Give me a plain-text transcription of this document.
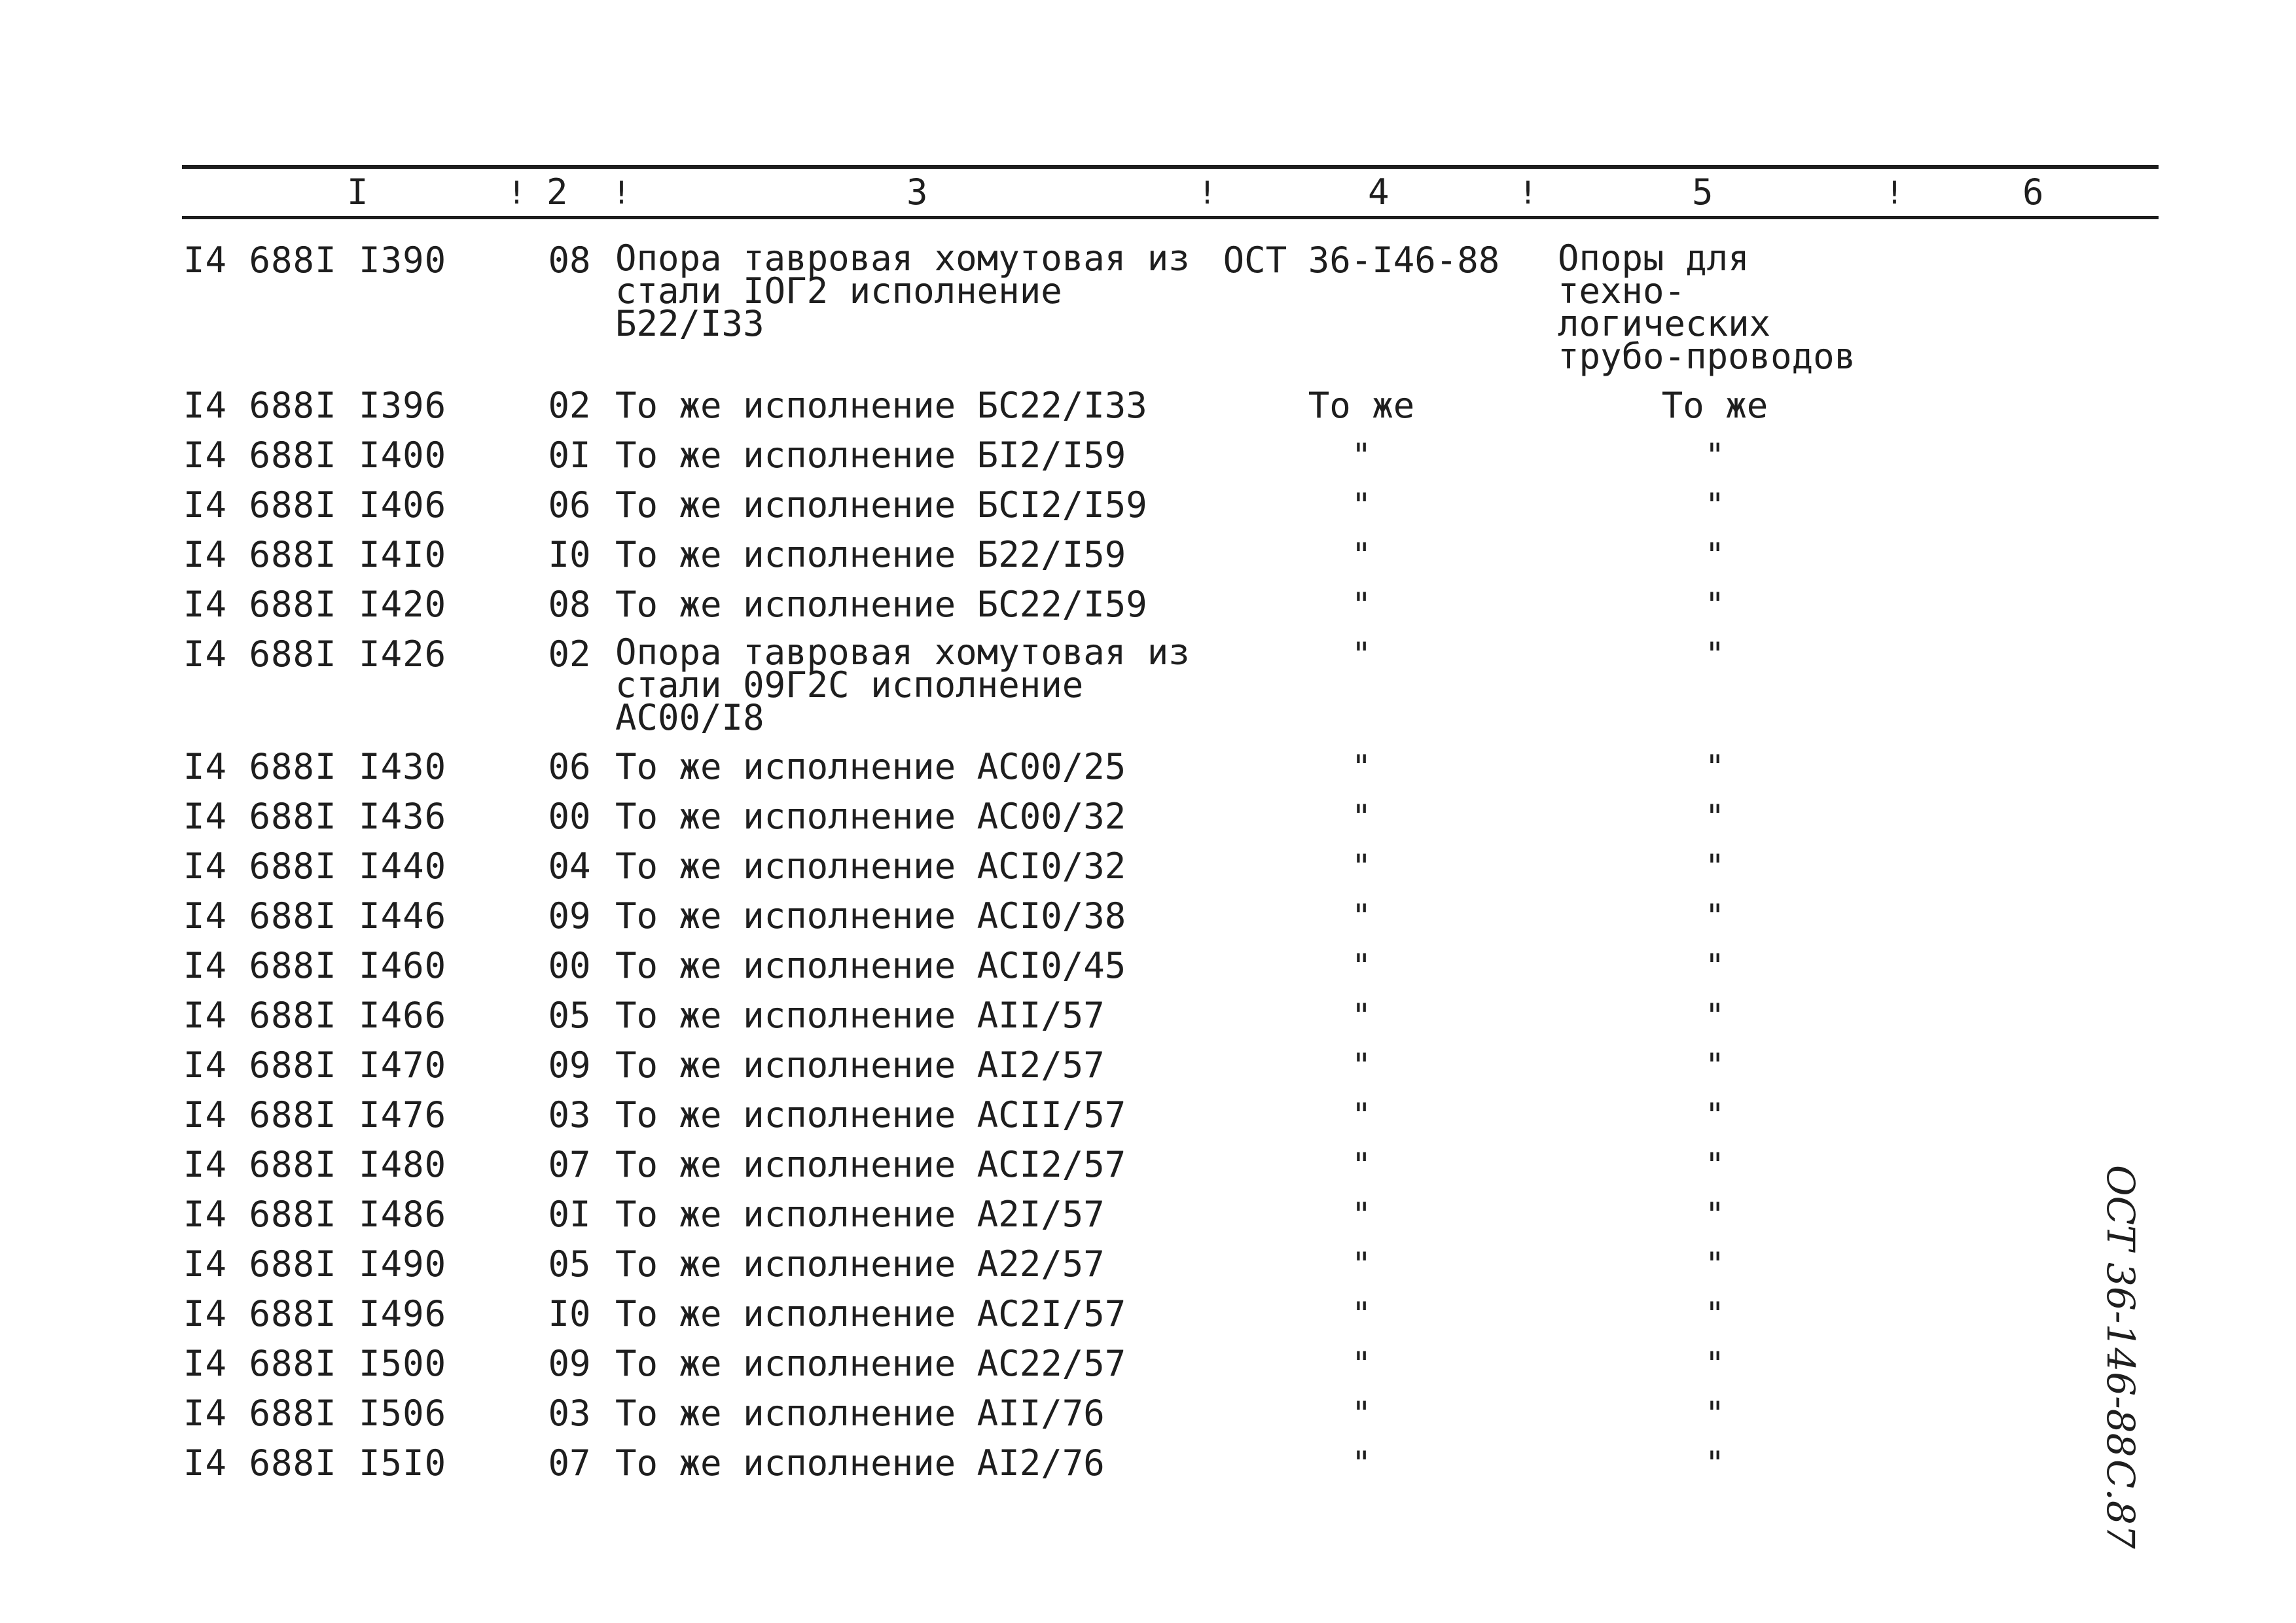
I	! 2 !	3	!	4	!	5	!	6
I4 688I I390	08	Опора тавровая хомутовая из стали IОГ2 исполнение Б22/I33	ОСТ 36-I46-88	Опоры для техно-логических трубо-проводов	

I4 688I I396	02	То же исполнение БС22/I33	То же	То же	
I4 688I I400	0I	То же исполнение БI2/I59	"	"	
I4 688I I406	06	То же исполнение БСI2/I59	"	"	
I4 688I I4I0	I0	То же исполнение Б22/I59	"	"	
I4 688I I420	08	То же исполнение БС22/I59	"	"	
I4 688I I426	02	Опора тавровая хомутовая из стали 09Г2С исполнение АС00/I8	"	"	
I4 688I I430	06	То же исполнение АС00/25	"	"	
I4 688I I436	00	То же исполнение АС00/32	"	"	
I4 688I I440	04	То же исполнение АСI0/32	"	"	
I4 688I I446	09	То же исполнение АСI0/38	"	"	
I4 688I I460	00	То же исполнение АСI0/45	"	"	
I4 688I I466	05	То же исполнение АII/57	"	"	
I4 688I I470	09	То же исполнение АI2/57	"	"	
I4 688I I476	03	То же исполнение АСII/57	"	"	
I4 688I I480	07	То же исполнение АСI2/57	"	"	
I4 688I I486	0I	То же исполнение А2I/57	"	"	
I4 688I I490	05	То же исполнение А22/57	"	"	
I4 688I I496	I0	То же исполнение АС2I/57	"	"	
I4 688I I500	09	То же исполнение АС22/57	"	"	
I4 688I I506	03	То же исполнение АII/76	"	"	
I4 688I I5I0	07	То же исполнение АI2/76	"	"	
ОСТ 36-146-88
С.87
